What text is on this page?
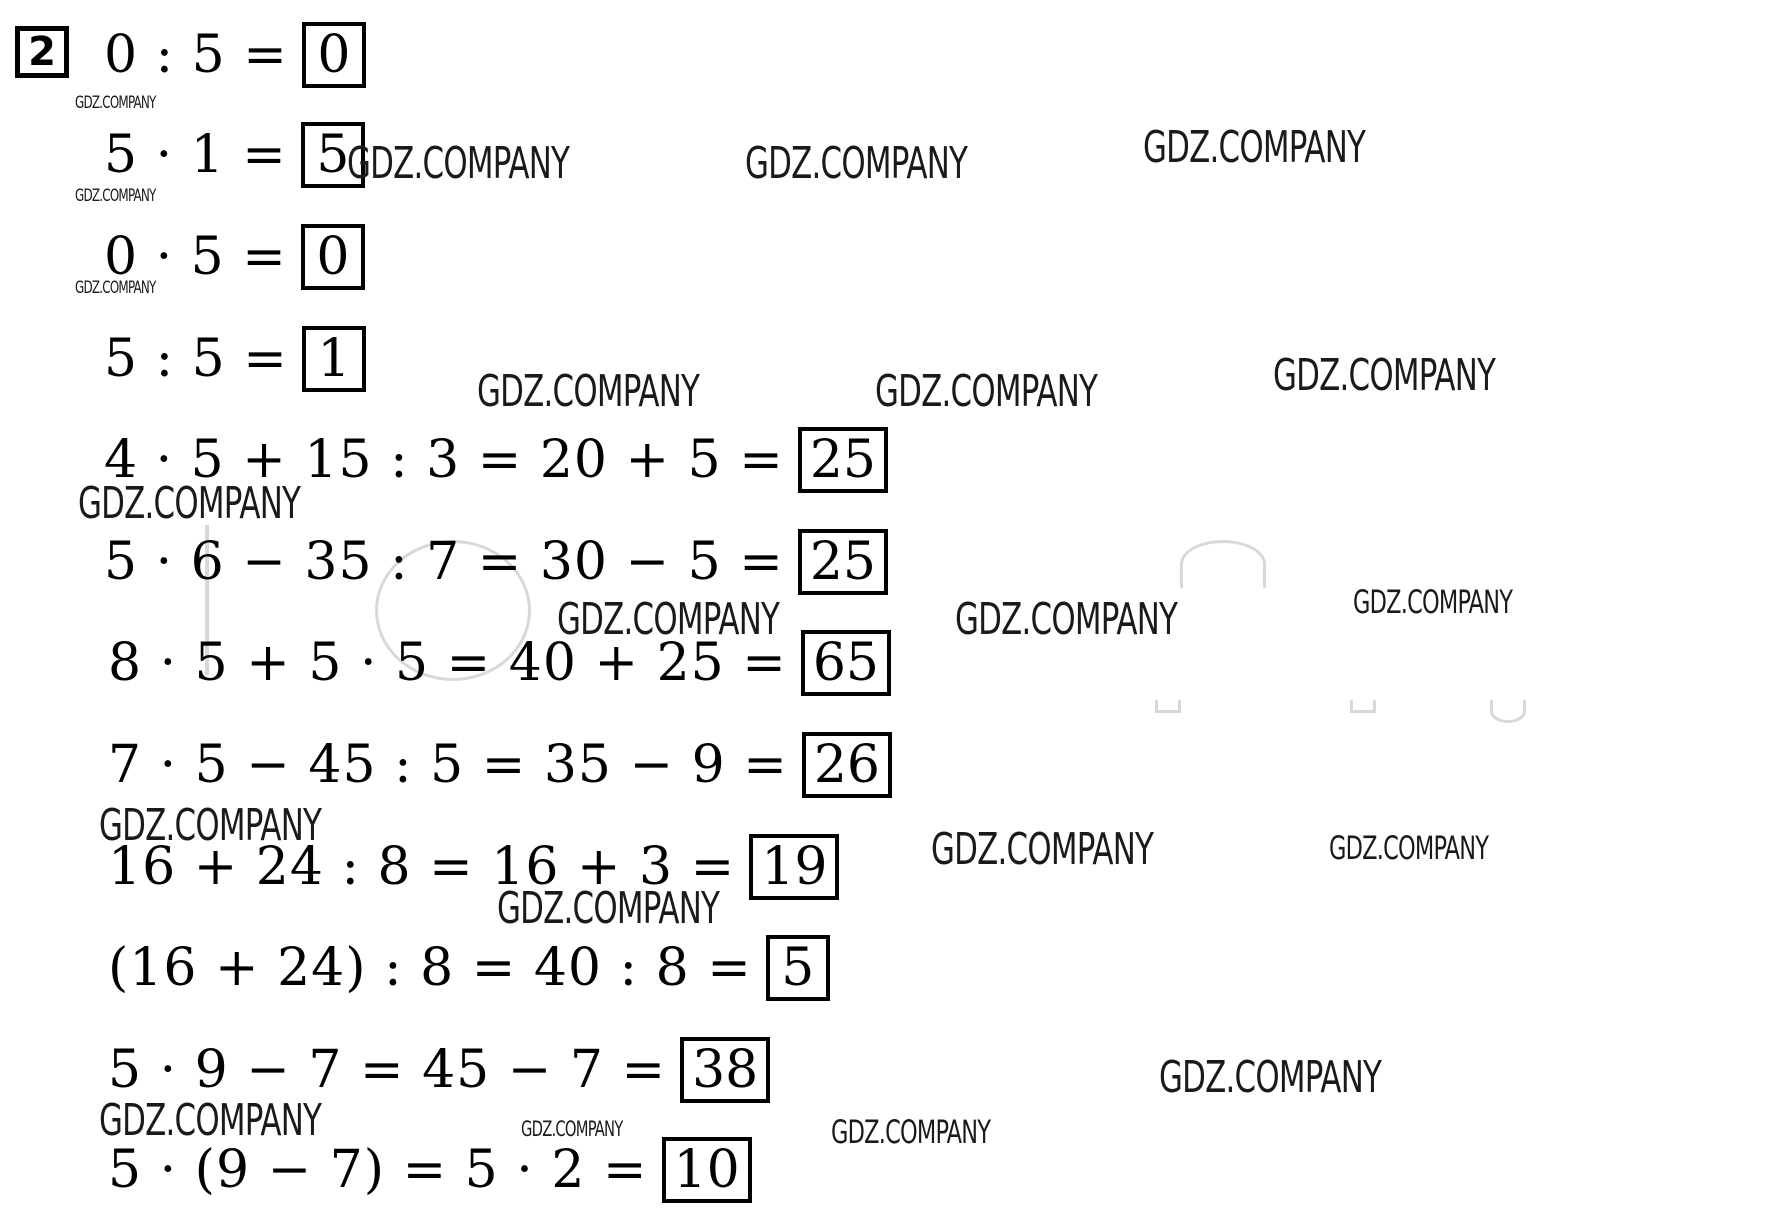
2 0 : 5 = 0
5 · 1 = 5
0 · 5 = 0
5 : 5 = 1
4 · 5 + 15 : 3 = 20 + 5 = 25
5 · 6 − 35 : 7 = 30 − 5 = 25
8 · 5 + 5 · 5 = 40 + 25 = 65
7 · 5 − 45 : 5 = 35 − 9 = 26
16 + 24 : 8 = 16 + 3 = 19
(16 + 24) : 8 = 40 : 8 = 5
5 · 9 − 7 = 45 − 7 = 38
5 · (9 − 7) = 5 · 2 = 10
GDZ.COMPANY
GDZ.COMPANY
GDZ.COMPANY
GDZ.COMPANY	GDZ.COMPANY	GDZ.COMPANY
GDZ.COMPANY	GDZ.COMPANY	GDZ.COMPANY
GDZ.COMPANY
GDZ.COMPANY	GDZ.COMPANY	GDZ.COMPANY
GDZ.COMPANY	GDZ.COMPANY	GDZ.COMPANY
GDZ.COMPANY
GDZ.COMPANY
GDZ.COMPANY	GDZ.COMPANY	GDZ.COMPANY
